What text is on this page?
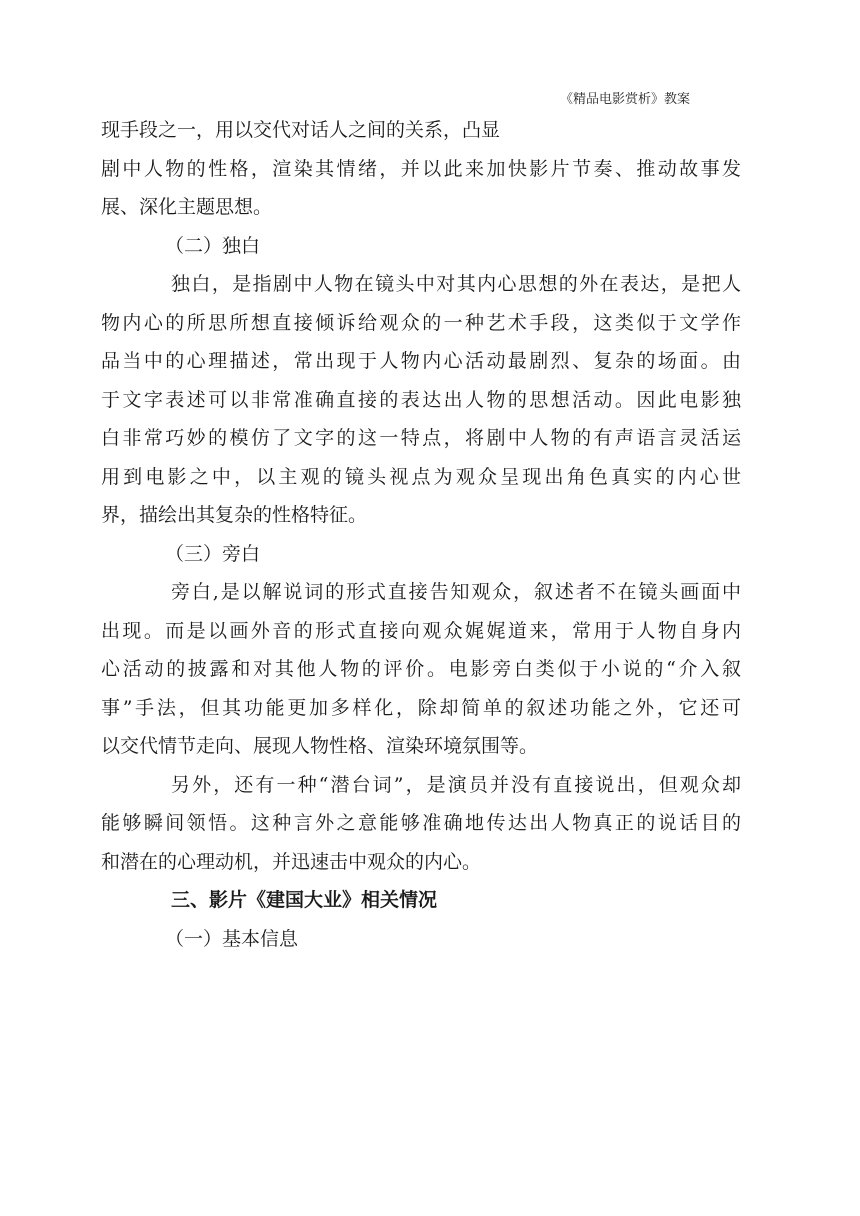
《精品电影赏析》教案
现手段之一，用以交代对话人之间的关系，凸显
剧中人物的性格，渲染其情绪，并以此来加快影片节奏、推动故事发
展、深化主题思想。
（二）独白
独白，是指剧中人物在镜头中对其内心思想的外在表达，是把人
物内心的所思所想直接倾诉给观众的一种艺术手段，这类似于文学作
品当中的心理描述，常出现于人物内心活动最剧烈、复杂的场面。由
于文字表述可以非常准确直接的表达出人物的思想活动。因此电影独
白非常巧妙的模仿了文字的这一特点，将剧中人物的有声语言灵活运
用到电影之中，以主观的镜头视点为观众呈现出角色真实的内心世
界，描绘出其复杂的性格特征。
（三）旁白
旁白,是以解说词的形式直接告知观众，叙述者不在镜头画面中
出现。而是以画外音的形式直接向观众娓娓道来，常用于人物自身内
心活动的披露和对其他人物的评价。电影旁白类似于小说的“介入叙
事”手法，但其功能更加多样化，除却简单的叙述功能之外，它还可
以交代情节走向、展现人物性格、渲染环境氛围等。
另外，还有一种“潜台词”，是演员并没有直接说出，但观众却
能够瞬间领悟。这种言外之意能够准确地传达出人物真正的说话目的
和潜在的心理动机，并迅速击中观众的内心。
三、影片《建国大业》相关情况
（一）基本信息
